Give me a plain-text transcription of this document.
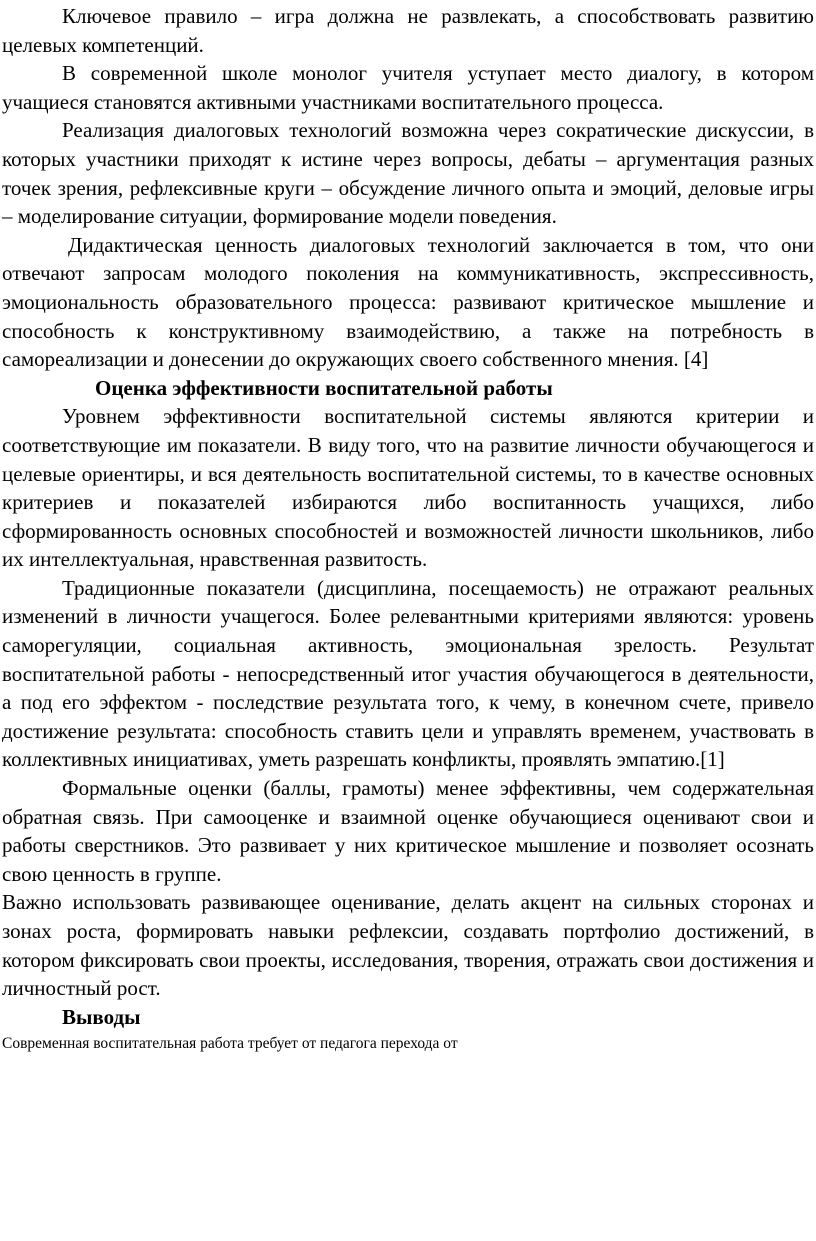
Ключевое правило – игра должна не развлекать, а способствовать развитию целевых компетенций.

В современной школе монолог учителя уступает место диалогу, в котором учащиеся становятся активными участниками воспитательного процесса.

Реализация диалоговых технологий возможна через сократические дискуссии, в которых участники приходят к истине через вопросы, дебаты – аргументация разных точек зрения, рефлексивные круги – обсуждение личного опыта и эмоций, деловые игры – моделирование ситуации, формирование модели поведения.

Дидактическая ценность диалоговых технологий заключается в том, что они отвечают запросам молодого поколения на коммуникативность, экспрессивность, эмоциональность образовательного процесса: развивают критическое мышление и способность к конструктивному взаимодействию, а также на потребность в самореализации и донесении до окружающих своего собственного мнения. [4]

Оценка эффективности воспитательной работы

Уровнем эффективности воспитательной системы являются критерии и соответствующие им показатели. В виду того, что на развитие личности обучающегося и целевые ориентиры, и вся деятельность воспитательной системы, то в качестве основных критериев и показателей избираются либо воспитанность учащихся, либо сформированность основных способностей и возможностей личности школьников, либо их интеллектуальная, нравственная развитость.

Традиционные показатели (дисциплина, посещаемость) не отражают реальных изменений в личности учащегося. Более релевантными критериями являются: уровень саморегуляции, социальная активность, эмоциональная зрелость. Результат воспитательной работы - непосредственный итог участия обучающегося в деятельности, а под его эффектом - последствие результата того, к чему, в конечном счете, привело достижение результата: способность ставить цели и управлять временем, участвовать в коллективных инициативах, уметь разрешать конфликты, проявлять эмпатию.[1]

Формальные оценки (баллы, грамоты) менее эффективны, чем содержательная обратная связь. При самооценке и взаимной оценке обучающиеся оценивают свои и работы сверстников. Это развивает у них критическое мышление и позволяет осознать свою ценность в группе.

Важно использовать развивающее оценивание, делать акцент на сильных сторонах и зонах роста, формировать навыки рефлексии, создавать портфолио достижений, в котором фиксировать свои проекты, исследования, творения, отражать свои достижения и личностный рост.

Выводы

Современная воспитательная работа требует от педагога перехода от
